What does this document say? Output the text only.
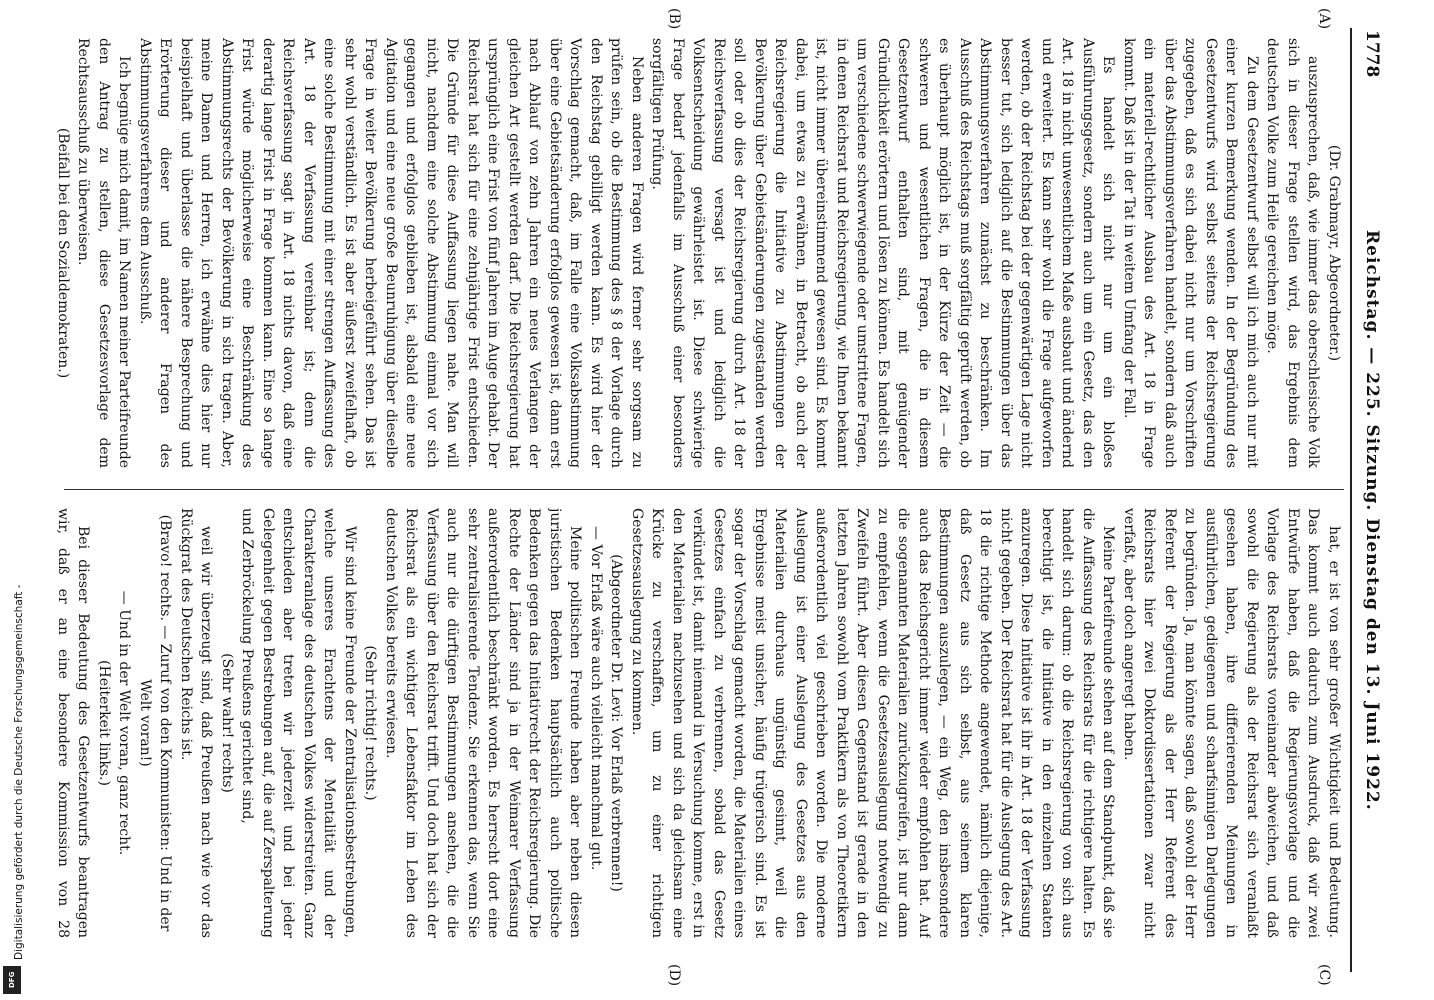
1778
Reichstag. — 225. Sitzung. Dienstag den 13. Juni 1922.
(A)
(B)
(C)
(D)

(Dr. Grabmayr, Abgeordneter.)

auszusprechen, daß, wie immer das oberschlesische Volk sich in dieser Frage stellen wird, das Ergebnis dem deutschen Volke zum Heile gereichen möge.

Zu dem Gesetzentwurf selbst will ich mich auch nur mit einer kurzen Bemerkung wenden. In der Begründung des Gesetzentwurfs wird selbst seitens der Reichsregierung zugegeben, daß es sich dabei nicht nur um Vorschriften über das Abstimmungsverfahren handelt, sondern daß auch ein materiell-rechtlicher Ausbau des Art. 18 in Frage kommt. Daß ist in der Tat in weitem Umfang der Fall.

Es handelt sich nicht nur um ein bloßes Ausführungsgesetz, sondern auch um ein Gesetz, das den Art. 18 in nicht unwesentlichem Maße ausbaut und ändernd und erweitert. Es kann sehr wohl die Frage aufgeworfen werden, ob der Reichstag bei der gegenwärtigen Lage nicht besser tut, sich lediglich auf die Bestimmungen über das Abstimmungsverfahren zunächst zu beschränken. Im Ausschuß des Reichstags muß sorgfältig geprüft werden, ob es überhaupt möglich ist, in der Kürze der Zeit — die schweren und wesentlichen Fragen, die in diesem Gesetzentwurf enthalten sind, mit genügender Gründlichkeit erörtern und lösen zu können. Es handelt sich um verschiedene schwerwiegende oder umstrittene Fragen, in denen Reichsrat und Reichsregierung, wie Ihnen bekannt ist, nicht immer übereinstimmend gewesen sind. Es kommt dabei, um etwas zu erwähnen, in Betracht, ob auch der Reichsregierung die Initiative zu Abstimmungen der Bevölkerung über Gebietsänderungen zugestanden werden soll oder ob dies der Reichsregierung durch Art. 18 der Reichsverfassung versagt ist und lediglich die Volksentscheidung gewährleistet ist. Diese schwierige Frage bedarf jedenfalls im Ausschuß einer besonders sorgfältigen Prüfung.

Neben anderen Fragen wird ferner sehr sorgsam zu prüfen sein, ob die Bestimmung des § 8 der Vorlage durch den Reichstag gebilligt werden kann. Es wird hier der Vorschlag gemacht, daß, im Falle eine Volksabstimmung über eine Gebietsänderung erfolglos gewesen ist, dann erst nach Ablauf von zehn Jahren ein neues Verlangen der gleichen Art gestellt werden darf. Die Reichsregierung hat ursprünglich eine Frist von fünf Jahren im Auge gehabt. Der Reichsrat hat sich für eine zehnjährige Frist entschieden. Die Gründe für diese Auffassung liegen nahe. Man will nicht, nachdem eine solche Abstimmung einmal vor sich gegangen und erfolglos geblieben ist, alsbald eine neue Agitation und eine neue große Beunruhigung über dieselbe Frage in weiter Bevölkerung herbeigeführt sehen. Das ist sehr wohl verständlich. Es ist aber äußerst zweifelhaft, ob eine solche Bestimmung mit einer strengen Auffassung des Art. 18 der Verfassung vereinbar ist; denn die Reichsverfassung sagt in Art. 18 nichts davon, daß eine derartig lange Frist in Frage kommen kann. Eine so lange Frist würde möglicherweise eine Beschränkung des Abstimmungsrechts der Bevölkerung in sich tragen. Aber, meine Damen und Herren, ich erwähne dies hier nur beispielhaft und überlasse die nähere Besprechung und Erörterung dieser und anderer Fragen des Abstimmungsverfahrens dem Ausschuß.

Ich begnüge mich damit, im Namen meiner Parteifreunde den Antrag zu stellen, diese Gesetzesvorlage dem Rechtsausschuß zu überweisen.

(Beifall bei den Sozialdemokraten.)

hat, er ist von sehr großer Wichtigkeit und Bedeutung. Das kommt auch dadurch zum Ausdruck, daß wir zwei Entwürfe haben, daß die Regierungsvorlage und die Vorlage des Reichsrats voneinander abweichen, und daß sowohl die Regierung als der Reichsrat sich veranlaßt gesehen haben, ihre differierenden Meinungen in ausführlichen, gediegenen und scharfsinnigen Darlegungen zu begründen. Ja, man könnte sagen, daß sowohl der Herr Referent der Regierung als der Herr Referent des Reichsrats hier zwei Doktordissertationen zwar nicht verfaßt, aber doch angeregt haben.

Meine Parteifreunde stehen auf dem Standpunkt, daß sie die Auffassung des Reichsrats für die richtigere halten. Es handelt sich darum: ob die Reichsregierung von sich aus berechtigt ist, die Initiative in den einzelnen Staaten anzuregen. Diese Initiative ist ihr in Art. 18 der Verfassung nicht gegeben. Der Reichsrat hat für die Auslegung des Art. 18 die richtige Methode angewendet, nämlich diejenige, daß Gesetz aus sich selbst, aus seinem klaren Bestimmungen auszulegen, — ein Weg, den insbesondere auch das Reichsgericht immer wieder empfohlen hat. Auf die sogenannten Materialien zurückzugreifen, ist nur dann zu empfehlen, wenn die Gesetzesauslegung notwendig zu Zweifeln führt. Aber diesen Gegenstand ist gerade in den letzten Jahren sowohl vom Praktikern als von Theoretikern außerordentlich viel geschrieben worden. Die moderne Auslegung ist einer Auslegung des Gesetzes aus den Materialien durchaus ungünstig gesinnt, weil die Ergebnisse meist unsicher, häufig trügerisch sind. Es ist sogar der Vorschlag gemacht worden, die Materialien eines Gesetzes einfach zu verbrennen, sobald das Gesetz verkündet ist, damit niemand in Versuchung komme, erst in den Materialien nachzusehen und sich da gleichsam eine Krücke zu verschaffen, um zu einer richtigen Gesetzesauslegung zu kommen.

(Abgeordneter Dr. Levi: Vor Erlaß verbrennen!)

— Vor Erlaß wäre auch vielleicht manchmal gut.

Meine politischen Freunde haben aber neben diesen juristischen Bedenken hauptsächlich auch politische Bedenken gegen das Initiativrecht der Reichsregierung. Die Rechte der Länder sind ja in der Weimarer Verfassung außerordentlich beschränkt worden. Es herrscht dort eine sehr zentralisierende Tendenz. Sie erkennen das, wenn Sie auch nur die dürftigen Bestimmungen ansehen, die die Verfassung über den Reichsrat trifft. Und doch hat sich der Reichsrat als ein wichtiger Lebensfaktor im Leben des deutschen Volkes bereits erwiesen.

(Sehr richtig! rechts.)

Wir sind keine Freunde der Zentralisationsbestrebungen, welche unseres Erachtens der Mentalität und der Charakteranlage des deutschen Volkes widerstreiten. Ganz entschieden aber treten wir jederzeit und bei jeder Gelegenheit gegen Bestrebungen auf, die auf Zerspalterung und Zerbröckelung Preußens gerichtet sind,

(Sehr wahr! rechts)

weil wir überzeugt sind, daß Preußen nach wie vor das Rückgrat des Deutschen Reichs ist.

(Bravo! rechts. — Zuruf von den Kommunisten: Und in der Welt voran!)

— Und in der Welt voran, ganz recht.

(Heiterkeit links.)

Bei dieser Bedeutung des Gesetzentwurfs beantragen wir, daß er an eine besondere Kommission von 28

Digitalisierung gefördert durch die Deutsche Forschungsgemeinschaft -
DFG
